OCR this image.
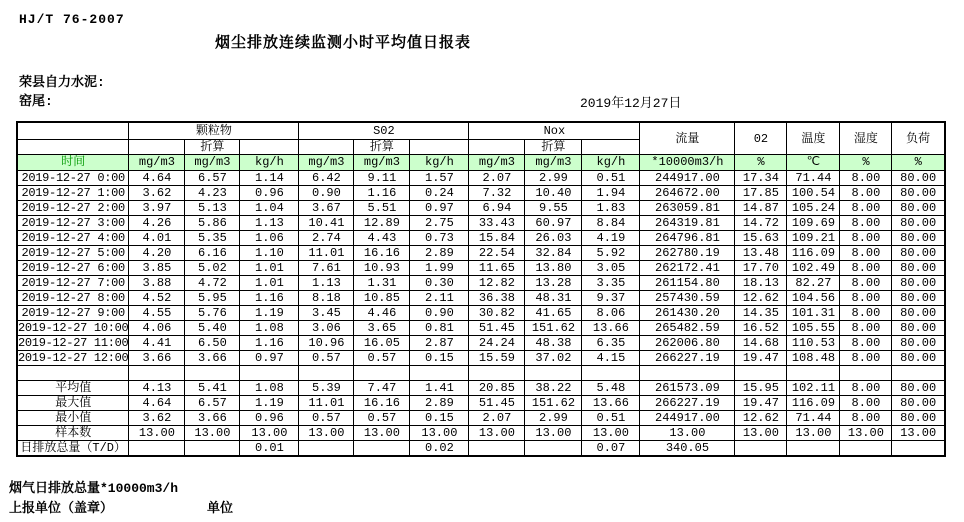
HJ/T 76-2007
烟尘排放连续监测小时平均值日报表
荣县自力水泥:
窑尾:	2019年12月27日
	颗粒物			S02			Nox			流量	02	温度	湿度	负荷
		折算			折算			折算						
时间	mg/m3	mg/m3	kg/h	mg/m3	mg/m3	kg/h	mg/m3	mg/m3	kg/h	*10000m3/h	%	℃	%	%
2019-12-27 0:00	4.64	6.57	1.14	6.42	9.11	1.57	2.07	2.99	0.51	244917.00	17.34	71.44	8.00	80.00
2019-12-27 1:00	3.62	4.23	0.96	0.90	1.16	0.24	7.32	10.40	1.94	264672.00	17.85	100.54	8.00	80.00
2019-12-27 2:00	3.97	5.13	1.04	3.67	5.51	0.97	6.94	9.55	1.83	263059.81	14.87	105.24	8.00	80.00
2019-12-27 3:00	4.26	5.86	1.13	10.41	12.89	2.75	33.43	60.97	8.84	264319.81	14.72	109.69	8.00	80.00
2019-12-27 4:00	4.01	5.35	1.06	2.74	4.43	0.73	15.84	26.03	4.19	264796.81	15.63	109.21	8.00	80.00
2019-12-27 5:00	4.20	6.16	1.10	11.01	16.16	2.89	22.54	32.84	5.92	262780.19	13.48	116.09	8.00	80.00
2019-12-27 6:00	3.85	5.02	1.01	7.61	10.93	1.99	11.65	13.80	3.05	262172.41	17.70	102.49	8.00	80.00
2019-12-27 7:00	3.88	4.72	1.01	1.13	1.31	0.30	12.82	13.28	3.35	261154.80	18.13	82.27	8.00	80.00
2019-12-27 8:00	4.52	5.95	1.16	8.18	10.85	2.11	36.38	48.31	9.37	257430.59	12.62	104.56	8.00	80.00
2019-12-27 9:00	4.55	5.76	1.19	3.45	4.46	0.90	30.82	41.65	8.06	261430.20	14.35	101.31	8.00	80.00
2019-12-27 10:00	4.06	5.40	1.08	3.06	3.65	0.81	51.45	151.62	13.66	265482.59	16.52	105.55	8.00	80.00
2019-12-27 11:00	4.41	6.50	1.16	10.96	16.05	2.87	24.24	48.38	6.35	262006.80	14.68	110.53	8.00	80.00
2019-12-27 12:00	3.66	3.66	0.97	0.57	0.57	0.15	15.59	37.02	4.15	266227.19	19.47	108.48	8.00	80.00

平均值	4.13	5.41	1.08	5.39	7.47	1.41	20.85	38.22	5.48	261573.09	15.95	102.11	8.00	80.00
最大值	4.64	6.57	1.19	11.01	16.16	2.89	51.45	151.62	13.66	266227.19	19.47	116.09	8.00	80.00
最小值	3.62	3.66	0.96	0.57	0.57	0.15	2.07	2.99	0.51	244917.00	12.62	71.44	8.00	80.00
样本数	13.00	13.00	13.00	13.00	13.00	13.00	13.00	13.00	13.00	13.00	13.00	13.00	13.00	13.00
日排放总量（T/D）			0.01			0.02			0.07	340.05				
烟气日排放总量*10000m3/h
上报单位（盖章）	单位
